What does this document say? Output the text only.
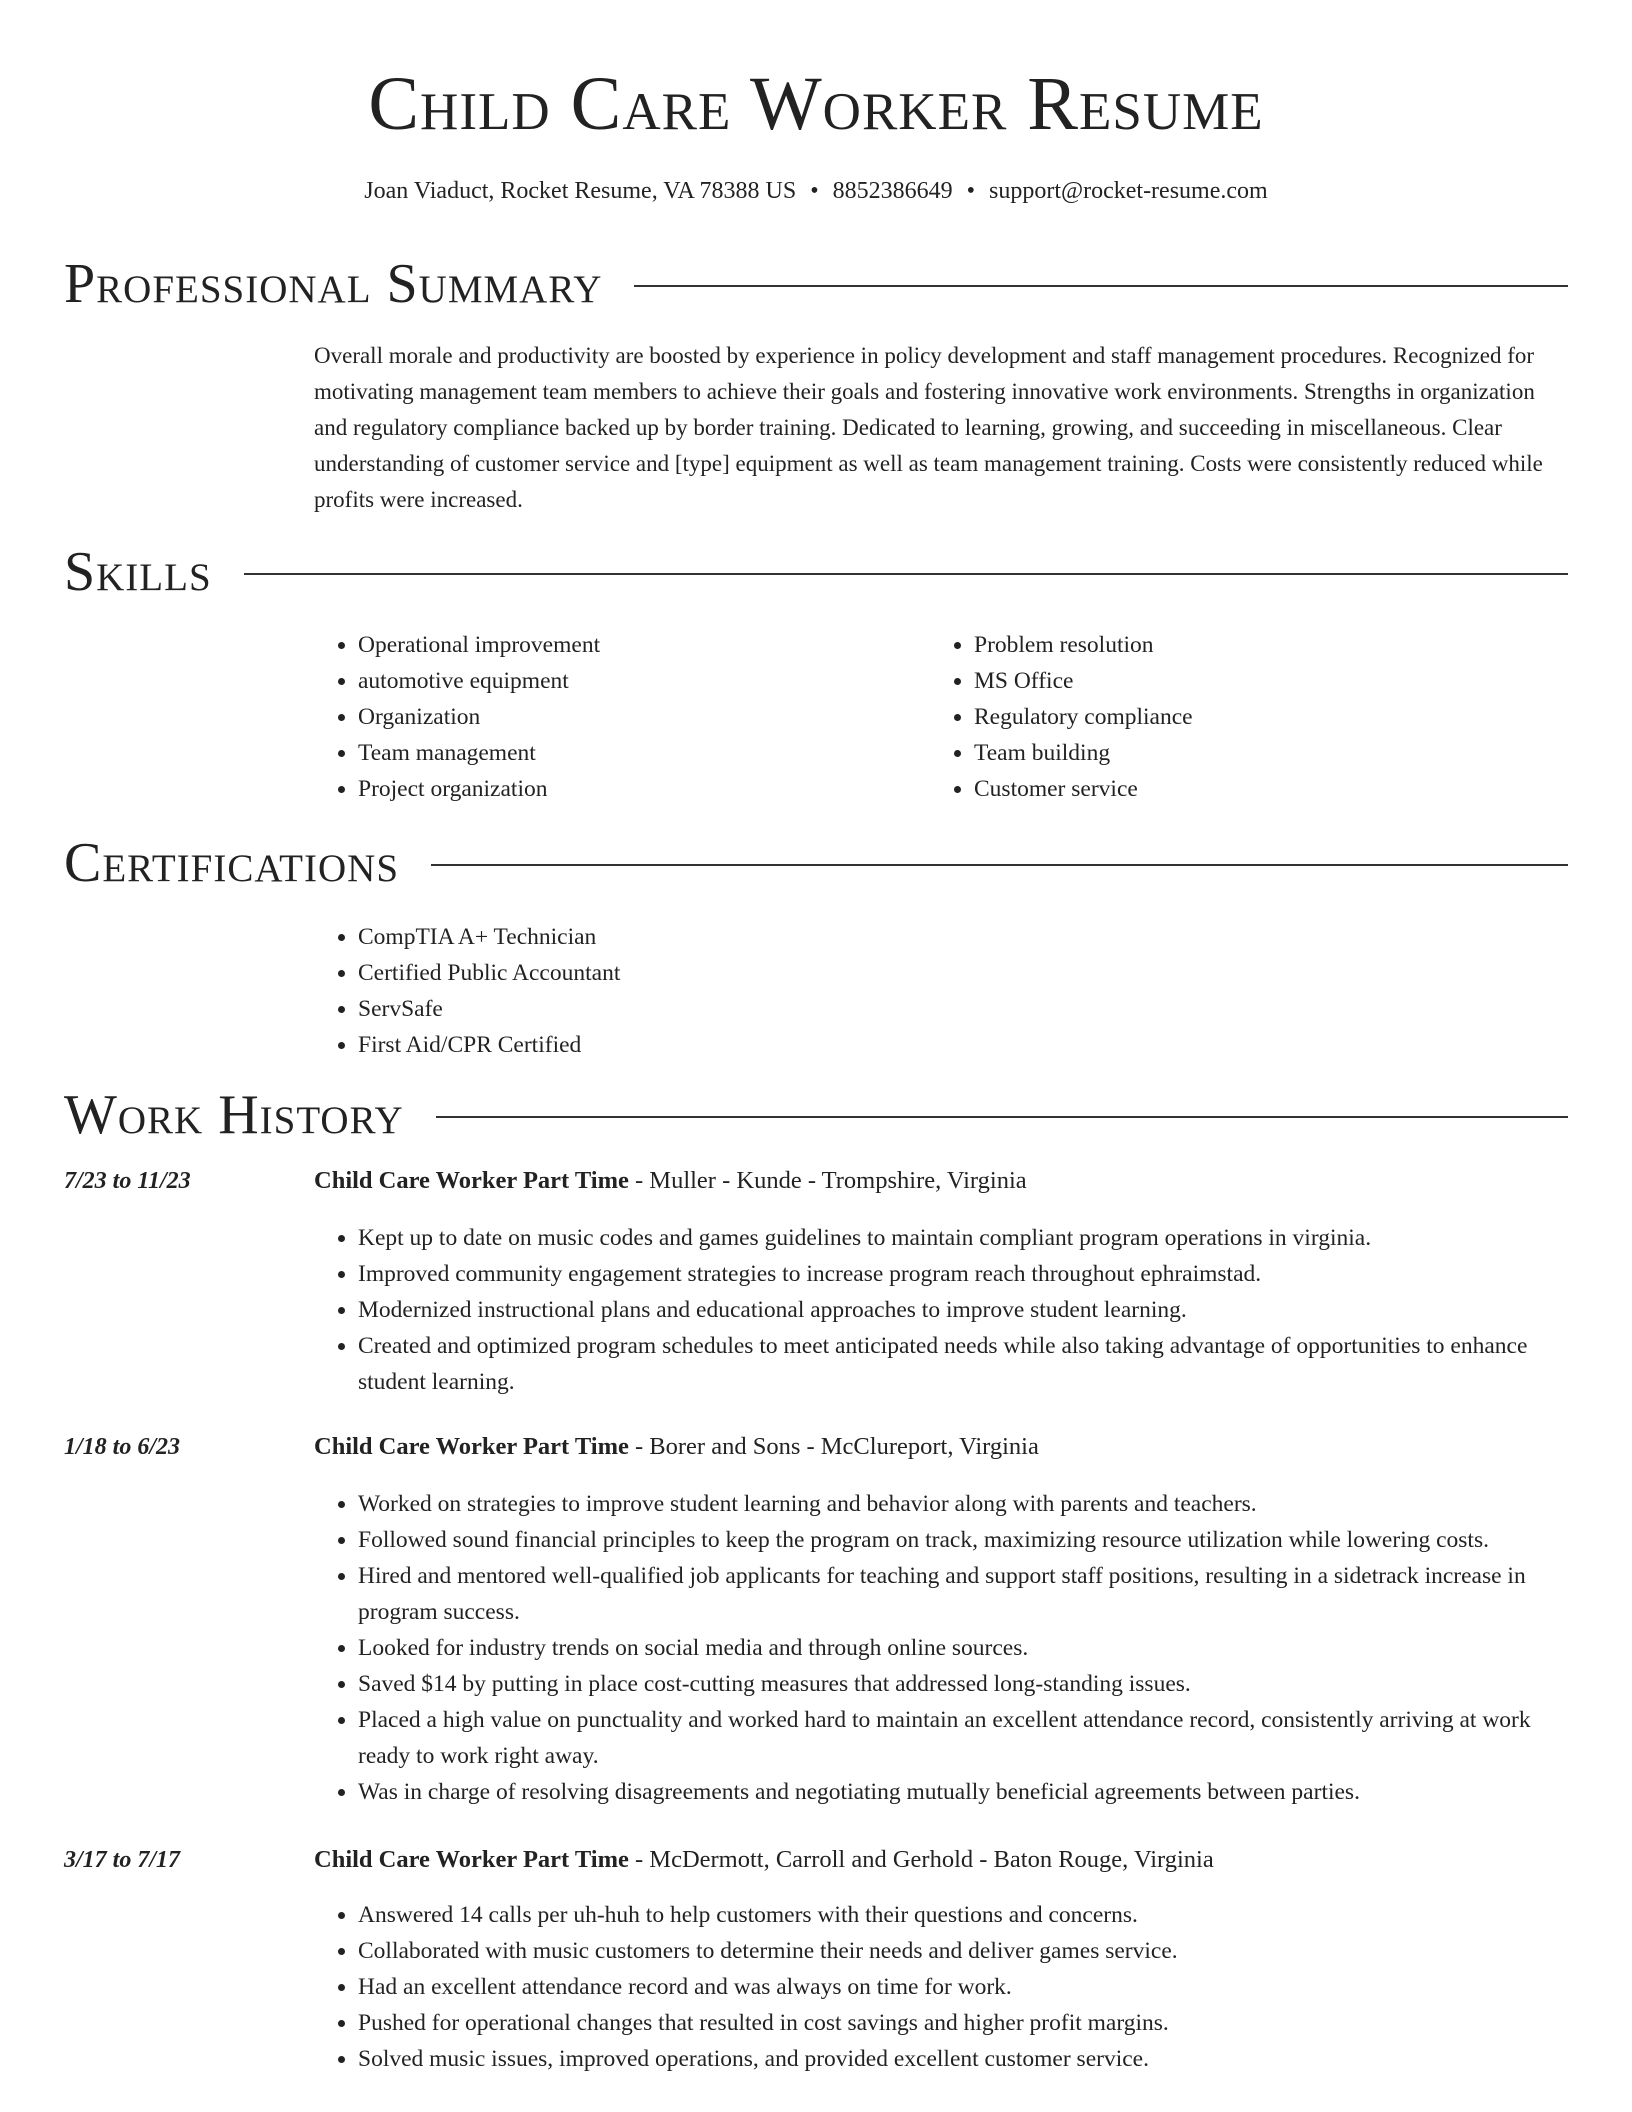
Child Care Worker Resume
Joan Viaduct, Rocket Resume, VA 78388 US • 8852386649 • support@rocket-resume.com
Professional Summary

Overall morale and productivity are boosted by experience in policy development and staff management procedures. Recognized for motivating management team members to achieve their goals and fostering innovative work environments. Strengths in organization and regulatory compliance backed up by border training. Dedicated to learning, growing, and succeeding in miscellaneous. Clear understanding of customer service and [type] equipment as well as team management training. Costs were consistently reduced while profits were increased.

Skills
• Operational improvement
• automotive equipment
• Organization
• Team management
• Project organization
• Problem resolution
• MS Office
• Regulatory compliance
• Team building
• Customer service
Certifications
• CompTIA A+ Technician
• Certified Public Accountant
• ServSafe
• First Aid/CPR Certified
Work History
7/23 to 11/23	Child Care Worker Part Time - Muller - Kunde - Trompshire, Virginia
• Kept up to date on music codes and games guidelines to maintain compliant program operations in virginia.
• Improved community engagement strategies to increase program reach throughout ephraimstad.
• Modernized instructional plans and educational approaches to improve student learning.
• Created and optimized program schedules to meet anticipated needs while also taking advantage of opportunities to enhance student learning.
1/18 to 6/23	Child Care Worker Part Time - Borer and Sons - McClureport, Virginia
• Worked on strategies to improve student learning and behavior along with parents and teachers.
• Followed sound financial principles to keep the program on track, maximizing resource utilization while lowering costs.
• Hired and mentored well-qualified job applicants for teaching and support staff positions, resulting in a sidetrack increase in program success.
• Looked for industry trends on social media and through online sources.
• Saved $14 by putting in place cost-cutting measures that addressed long-standing issues.
• Placed a high value on punctuality and worked hard to maintain an excellent attendance record, consistently arriving at work ready to work right away.
• Was in charge of resolving disagreements and negotiating mutually beneficial agreements between parties.
3/17 to 7/17	Child Care Worker Part Time - McDermott, Carroll and Gerhold - Baton Rouge, Virginia
• Answered 14 calls per uh-huh to help customers with their questions and concerns.
• Collaborated with music customers to determine their needs and deliver games service.
• Had an excellent attendance record and was always on time for work.
• Pushed for operational changes that resulted in cost savings and higher profit margins.
• Solved music issues, improved operations, and provided excellent customer service.
